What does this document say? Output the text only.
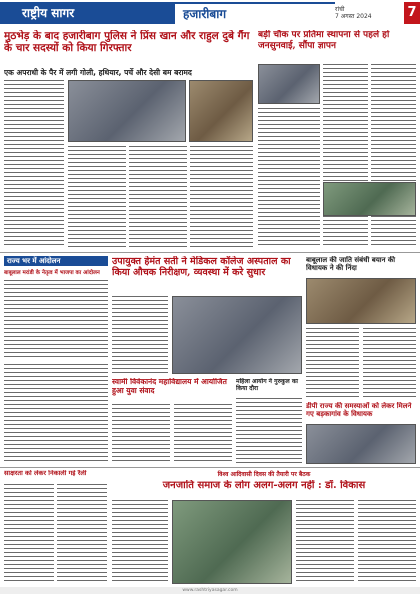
राष्ट्रीय सागर	हजारीबाग	रांची
7 अगस्त 2024	7
मुठभेड़ के बाद हजारीबाग पुलिस ने प्रिंस खान और राहुल दुबे गैंग के चार सदस्यों को किया गिरफ्तार
एक अपराधी के पैर में लगी गोली, हथियार, पर्चे और देसी बम बरामद
बड़ी चौक पर प्रतिमा स्थापना से पहले हो जनसुनवाई, सौंपा ज्ञापन
राज्य भर में आंदोलन
बाबूलाल मरांडी के नेतृत्व में भाजपा का आंदोलन
उपायुक्त हेमंत सती ने मेडिकल कॉलेज अस्पताल का किया औचक निरीक्षण, व्यवस्था में करे सुधार
बाबूलाल की जाति संबंधी बयान की विधायक ने की निंदा
स्वामी विवेकानंद महाविद्यालय में आयोजित हुआ युवा संवाद
महिला आयोग ने गुरुकुल का किया दौरा
डीपी राज्य की समस्याओं को लेकर मिलने गए बड़कागांव के विधायक
साक्षरता को लेकर निकाली गई रैली	विश्व आदिवासी दिवस की तैयारी पर बैठक
जनजाति समाज के लोग अलग-अलग नहीं : डॉ. विकास
www.rashtriyasagar.com
